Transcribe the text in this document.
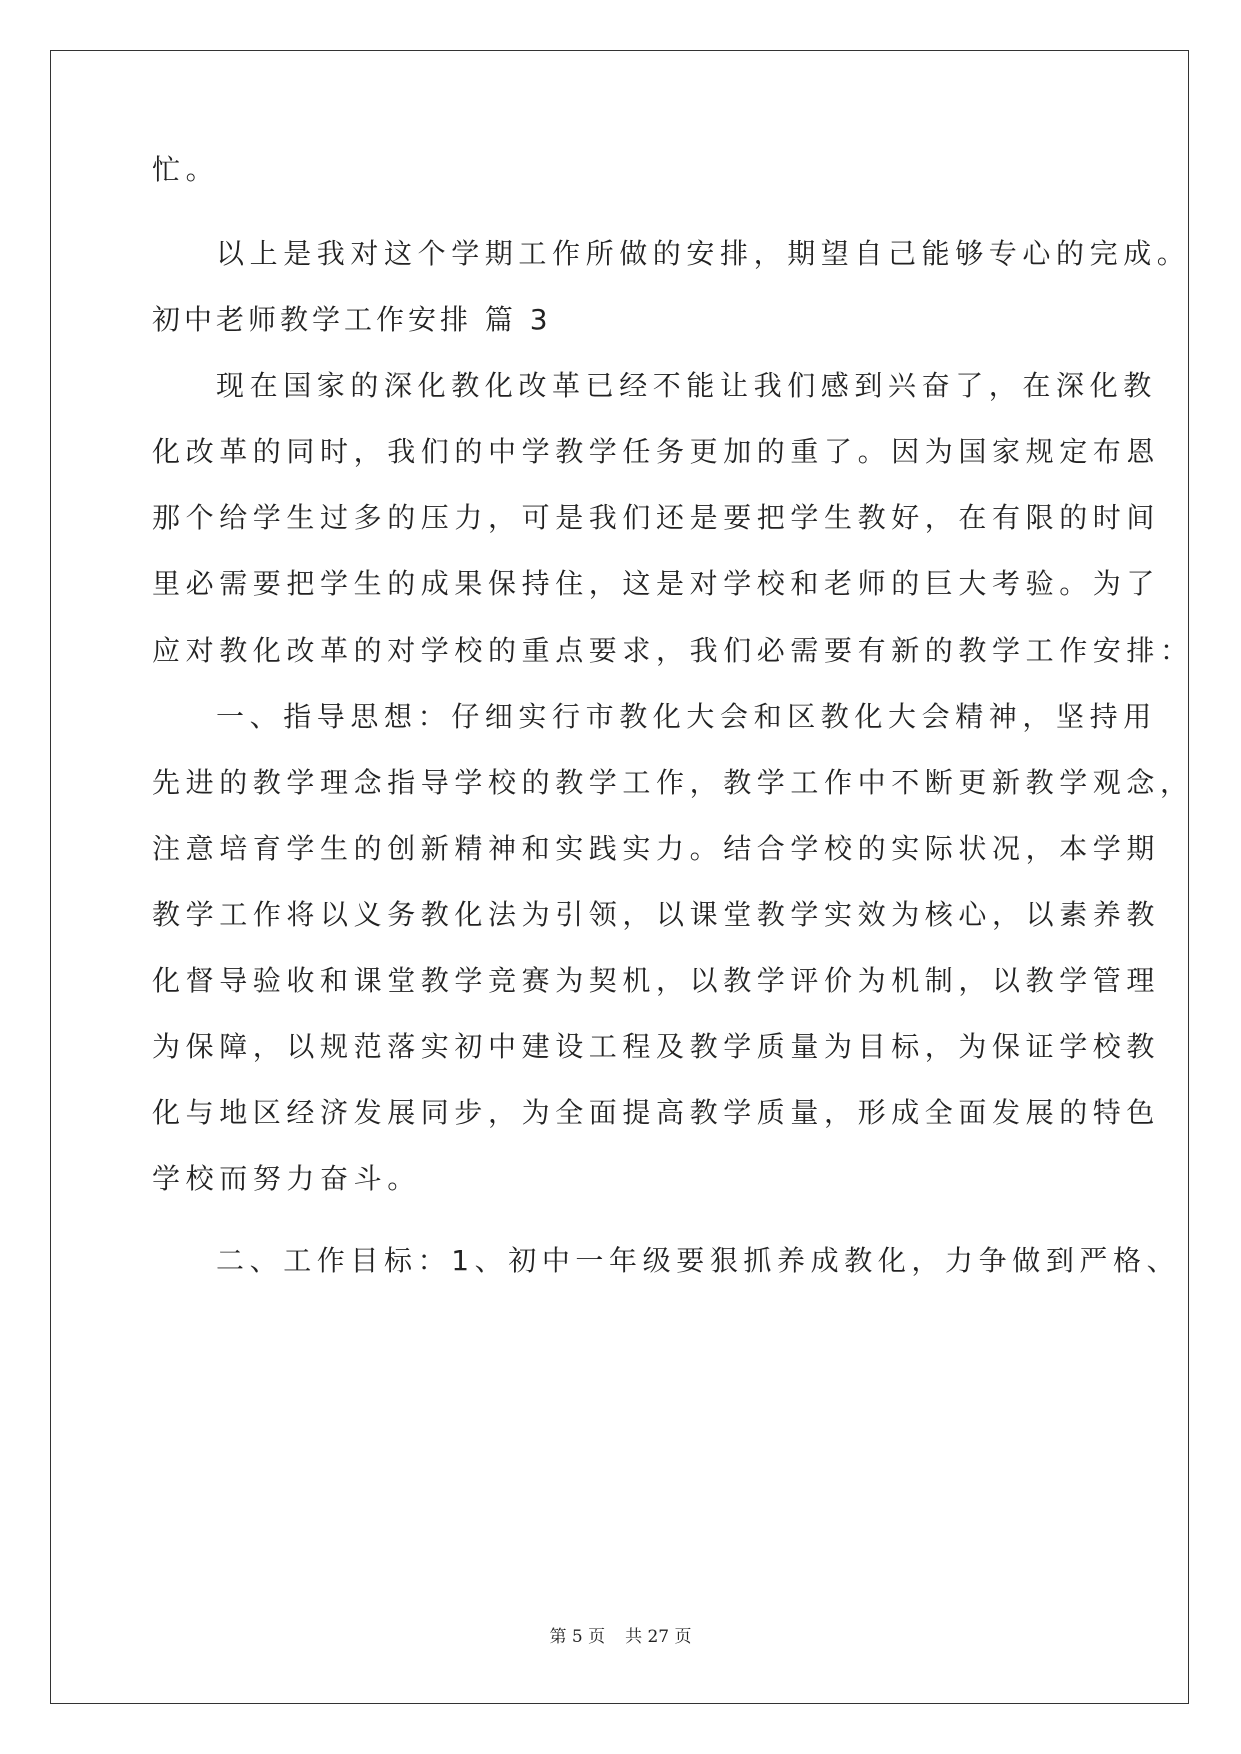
忙。
以上是我对这个学期工作所做的安排，期望自己能够专心的完成。
初中老师教学工作安排 篇 3
现在国家的深化教化改革已经不能让我们感到兴奋了，在深化教
化改革的同时，我们的中学教学任务更加的重了。因为国家规定布恩
那个给学生过多的压力，可是我们还是要把学生教好，在有限的时间
里必需要把学生的成果保持住，这是对学校和老师的巨大考验。为了
应对教化改革的对学校的重点要求，我们必需要有新的教学工作安排：
一、指导思想：仔细实行市教化大会和区教化大会精神，坚持用
先进的教学理念指导学校的教学工作，教学工作中不断更新教学观念，
注意培育学生的创新精神和实践实力。结合学校的实际状况，本学期
教学工作将以义务教化法为引领，以课堂教学实效为核心，以素养教
化督导验收和课堂教学竞赛为契机，以教学评价为机制，以教学管理
为保障，以规范落实初中建设工程及教学质量为目标，为保证学校教
化与地区经济发展同步，为全面提高教学质量，形成全面发展的特色
学校而努力奋斗。
二、工作目标：1、初中一年级要狠抓养成教化，力争做到严格、
第 5 页 共 27 页
